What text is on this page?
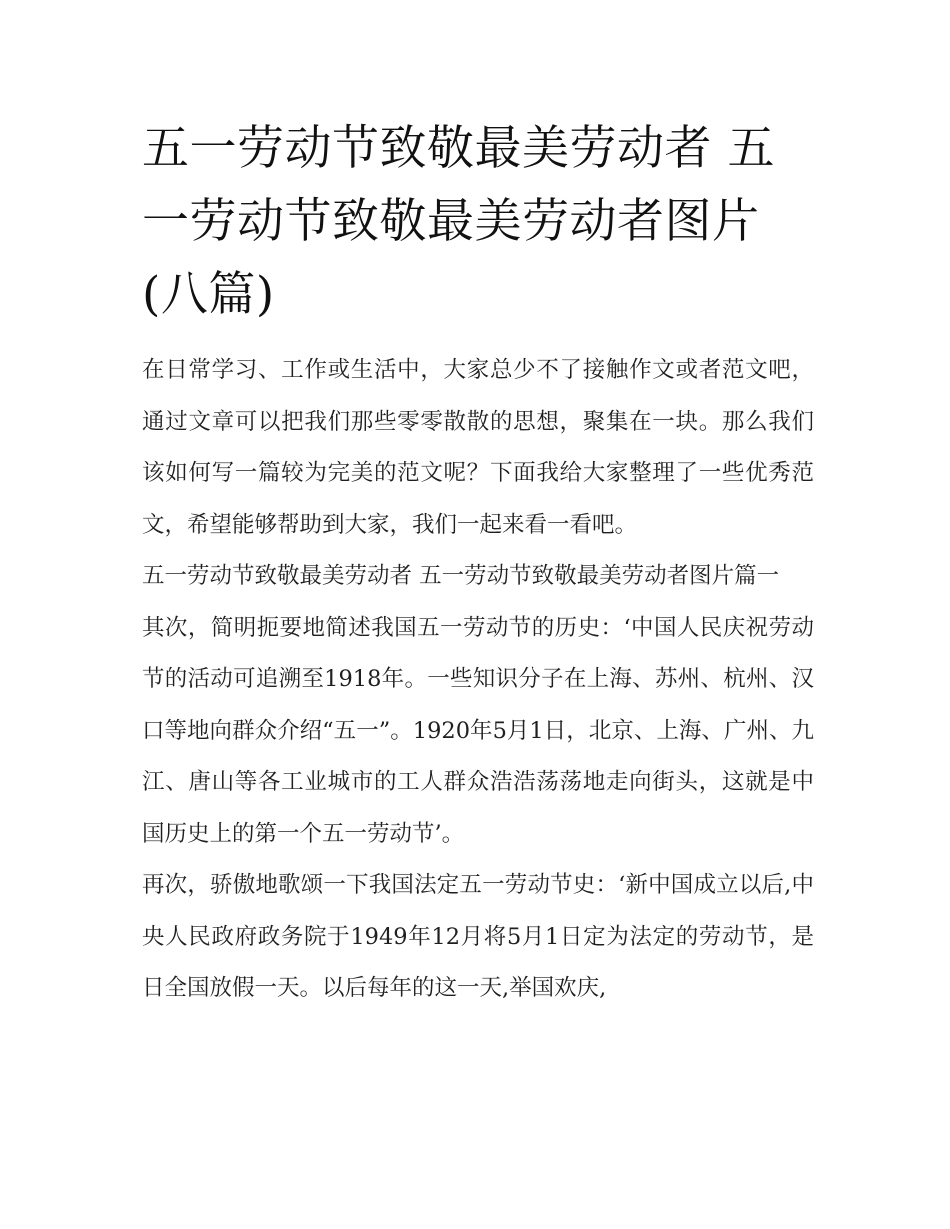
五一劳动节致敬最美劳动者 五一劳动节致敬最美劳动者图片(八篇)

在日常学习、工作或生活中，大家总少不了接触作文或者范文吧，通过文章可以把我们那些零零散散的思想，聚集在一块。那么我们该如何写一篇较为完美的范文呢？下面我给大家整理了一些优秀范文，希望能够帮助到大家，我们一起来看一看吧。

五一劳动节致敬最美劳动者 五一劳动节致敬最美劳动者图片篇一

其次，简明扼要地简述我国五一劳动节的历史：‘中国人民庆祝劳动节的活动可追溯至1918年。一些知识分子在上海、苏州、杭州、汉口等地向群众介绍“五一”。1920年5月1日，北京、上海、广州、九江、唐山等各工业城市的工人群众浩浩荡荡地走向街头，这就是中国历史上的第一个五一劳动节’。

再次，骄傲地歌颂一下我国法定五一劳动节史：‘新中国成立以后,中央人民政府政务院于1949年12月将5月1日定为法定的劳动节，是日全国放假一天。以后每年的这一天,举国欢庆,
